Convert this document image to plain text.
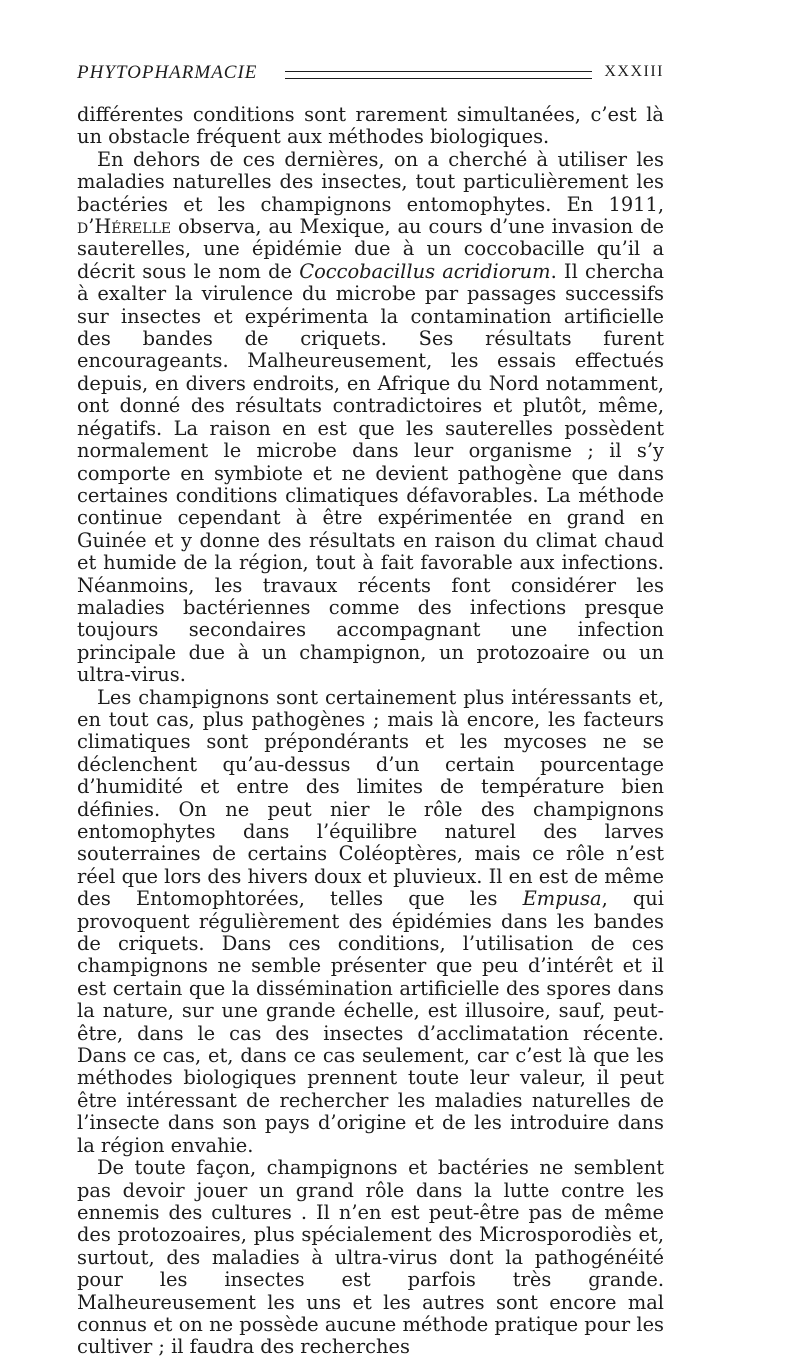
PHYTOPHARMACIE	XXXIII

différentes conditions sont rarement simultanées, c’est là un obstacle fréquent aux méthodes biologiques.

En dehors de ces dernières, on a cherché à utiliser les maladies naturelles des insectes, tout particulièrement les bactéries et les champignons entomophytes. En 1911, d’Hérelle observa, au Mexique, au cours d’une invasion de sauterelles, une épidémie due à un coccobacille qu’il a décrit sous le nom de Coccobacillus acridiorum. Il chercha à exalter la virulence du microbe par passages successifs sur insectes et expérimenta la contamination artificielle des bandes de criquets. Ses résultats furent encourageants. Malheureusement, les essais effectués depuis, en divers endroits, en Afrique du Nord notamment, ont donné des résultats contradictoires et plutôt, même, négatifs. La raison en est que les sauterelles possèdent normalement le microbe dans leur organisme ; il s’y comporte en symbiote et ne devient pathogène que dans certaines conditions climatiques défavorables. La méthode continue cependant à être expérimentée en grand en Guinée et y donne des résultats en raison du climat chaud et humide de la région, tout à fait favorable aux infections. Néanmoins, les travaux récents font considérer les maladies bactériennes comme des infections presque toujours secondaires accompagnant une infection principale due à un champignon, un protozoaire ou un ultra-virus.

Les champignons sont certainement plus intéressants et, en tout cas, plus pathogènes ; mais là encore, les facteurs climatiques sont prépondérants et les mycoses ne se déclenchent qu’au-dessus d’un certain pourcentage d’humidité et entre des limites de température bien définies. On ne peut nier le rôle des champignons entomophytes dans l’équilibre naturel des larves souterraines de certains Coléoptères, mais ce rôle n’est réel que lors des hivers doux et pluvieux. Il en est de même des Entomophtorées, telles que les Empusa, qui provoquent régulièrement des épidémies dans les bandes de criquets. Dans ces conditions, l’utilisation de ces champignons ne semble présenter que peu d’intérêt et il est certain que la dissémination artificielle des spores dans la nature, sur une grande échelle, est illusoire, sauf, peut-être, dans le cas des insectes d’acclimatation récente. Dans ce cas, et, dans ce cas seulement, car c’est là que les méthodes biologiques prennent toute leur valeur, il peut être intéressant de rechercher les maladies naturelles de l’insecte dans son pays d’origine et de les introduire dans la région envahie.

De toute façon, champignons et bactéries ne semblent pas devoir jouer un grand rôle dans la lutte contre les ennemis des cultures . Il n’en est peut-être pas de même des protozoaires, plus spécialement des Microsporodiès et, surtout, des maladies à ultra-virus dont la pathogénéité pour les insectes est parfois très grande. Malheureusement les uns et les autres sont encore mal connus et on ne possède aucune méthode pratique pour les cultiver ; il faudra des recherches
